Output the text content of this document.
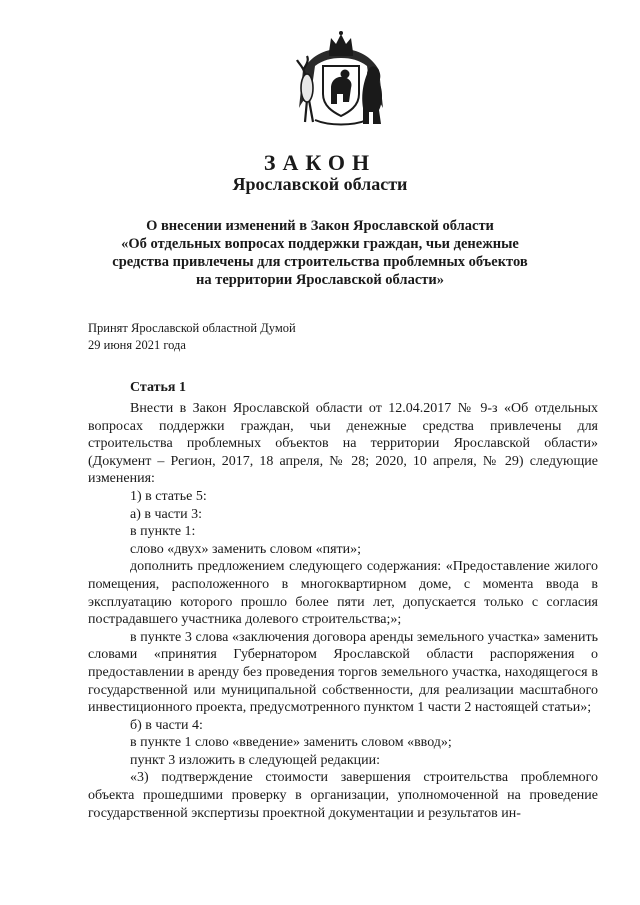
ЗАКОН
Ярославской области
О внесении изменений в Закон Ярославской области
«Об отдельных вопросах поддержки граждан, чьи денежные
средства привлечены для строительства проблемных объектов
на территории Ярославской области»
Принят Ярославской областной Думой
29 июня 2021 года
Статья 1

Внести в Закон Ярославской области от 12.04.2017 № 9-з «Об отдельных вопросах поддержки граждан, чьи денежные средства привлечены для строительства проблемных объектов на территории Ярославской области» (Документ – Регион, 2017, 18 апреля, № 28; 2020, 10 апреля, № 29) следующие изменения:

1) в статье 5:

а) в части 3:

в пункте 1:

слово «двух» заменить словом «пяти»;

дополнить предложением следующего содержания: «Предоставление жилого помещения, расположенного в многоквартирном доме, с момента ввода в эксплуатацию которого прошло более пяти лет, допускается только с согласия пострадавшего участника долевого строительства;»;

в пункте 3 слова «заключения договора аренды земельного участка» заменить словами «принятия Губернатором Ярославской области распоряжения о предоставлении в аренду без проведения торгов земельного участка, находящегося в государственной или муниципальной собственности, для реализации масштабного инвестиционного проекта, предусмотренного пунктом 1 части 2 настоящей статьи»;

б) в части 4:

в пункте 1 слово «введение» заменить словом «ввод»;

пункт 3 изложить в следующей редакции:

«3) подтверждение стоимости завершения строительства проблемного объекта прошедшими проверку в организации, уполномоченной на проведение государственной экспертизы проектной документации и результатов ин-
